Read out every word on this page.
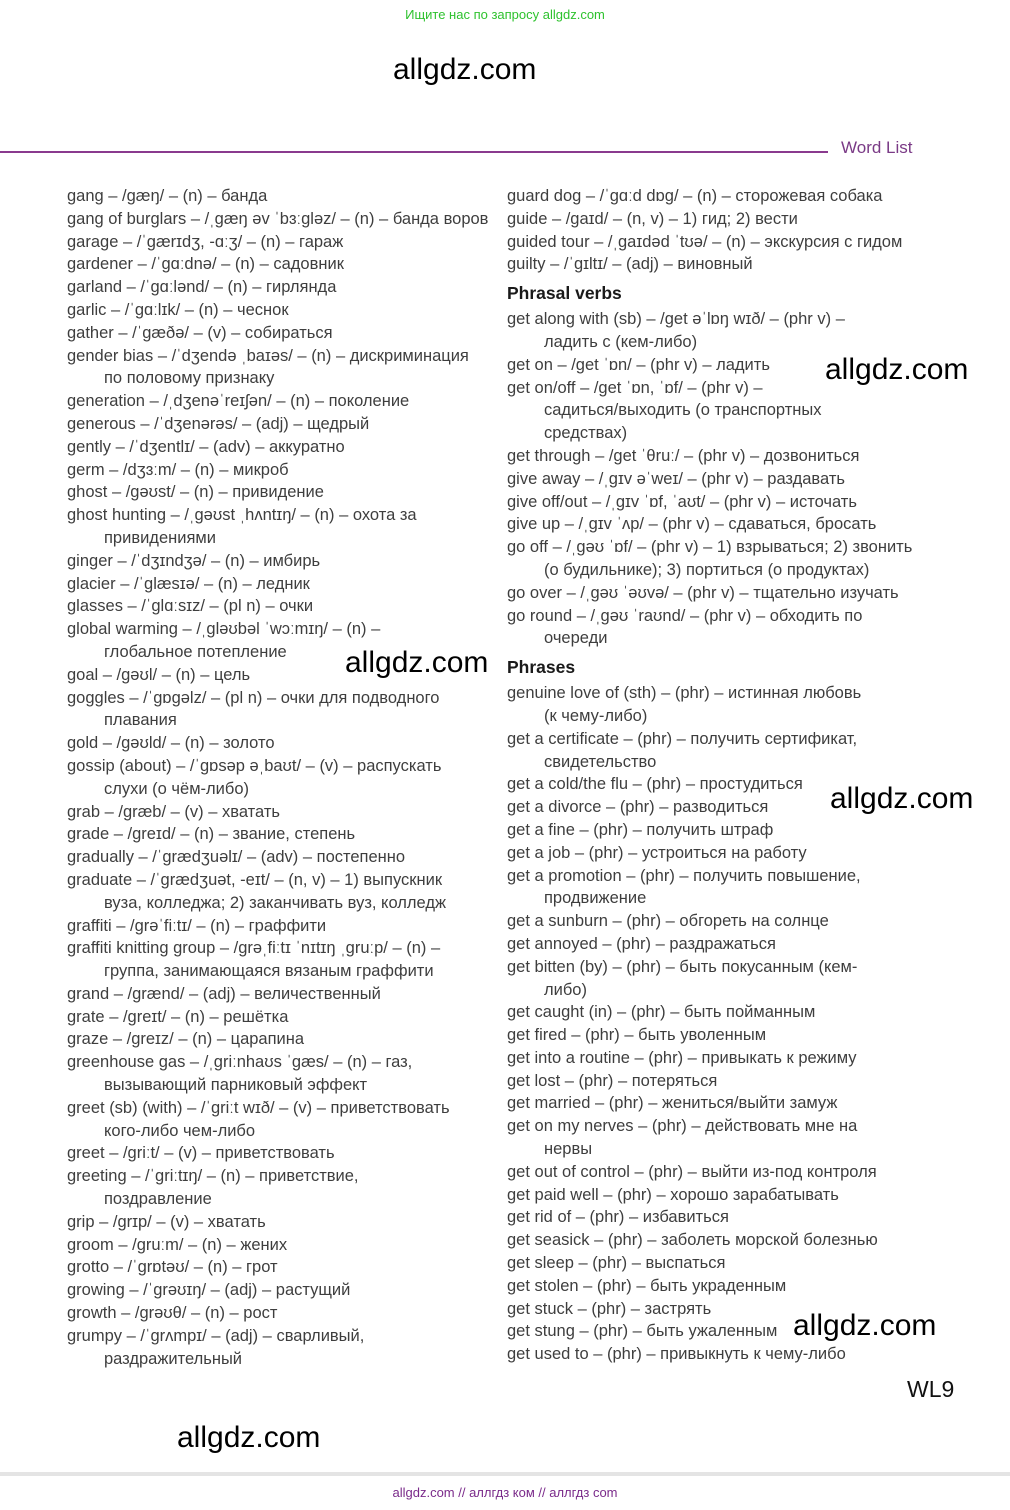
Ищите нас по запросу allgdz.com
allgdz.com
Word List
gang – /ɡæŋ/ – (n) – банда
gang of burglars – /ˌɡæŋ əv ˈbɜːɡləz/ – (n) – банда воров
garage – /ˈɡærɪdʒ, -ɑːʒ/ – (n) – гараж
gardener – /ˈɡɑːdnə/ – (n) – садовник
garland – /ˈɡɑːlənd/ – (n) – гирлянда
garlic – /ˈɡɑːlɪk/ – (n) – чеснок
gather – /ˈɡæðə/ – (v) – собираться
gender bias – /ˈdʒendə ˌbaɪəs/ – (n) – дискриминация
по половому признаку
generation – /ˌdʒenəˈreɪʃən/ – (n) – поколение
generous – /ˈdʒenərəs/ – (adj) – щедрый
gently – /ˈdʒentlɪ/ – (adv) – аккуратно
germ – /dʒɜːm/ – (n) – микроб
ghost – /ɡəʊst/ – (n) – привидение
ghost hunting – /ˌɡəʊst ˌhʌntɪŋ/ – (n) – охота за
привидениями
ginger – /ˈdʒɪndʒə/ – (n) – имбирь
glacier – /ˈɡlæsɪə/ – (n) – ледник
glasses – /ˈɡlɑːsɪz/ – (pl n) – очки
global warming – /ˌɡləʊbəl ˈwɔːmɪŋ/ – (n) –
глобальное потепление
goal – /ɡəʊl/ – (n) – цель
goggles – /ˈɡɒɡəlz/ – (pl n) – очки для подводного
плавания
gold – /ɡəʊld/ – (n) – золото
gossip (about) – /ˈɡɒsəp əˌbaʊt/ – (v) – распускать
слухи (о чём-либо)
grab – /ɡræb/ – (v) – хватать
grade – /ɡreɪd/ – (n) – звание, степень
gradually – /ˈɡrædʒuəlɪ/ – (adv) – постепенно
graduate – /ˈɡrædʒuət, -eɪt/ – (n, v) – 1) выпускник
вуза, колледжа; 2) заканчивать вуз, колледж
graffiti – /ɡrəˈfiːtɪ/ – (n) – граффити
graffiti knitting group – /ɡrəˌfiːtɪ ˈnɪtɪŋ ˌɡruːp/ – (n) –
группа, занимающаяся вязаным граффити
grand – /ɡrænd/ – (adj) – величественный
grate – /ɡreɪt/ – (n) – решётка
graze – /ɡreɪz/ – (n) – царапина
greenhouse gas – /ˌɡriːnhaʊs ˈɡæs/ – (n) – газ,
вызывающий парниковый эффект
greet (sb) (with) – /ˈɡriːt wɪð/ – (v) – приветствовать
кого-либо чем-либо
greet – /ɡriːt/ – (v) – приветствовать
greeting – /ˈɡriːtɪŋ/ – (n) – приветствие,
поздравление
grip – /ɡrɪp/ – (v) – хватать
groom – /ɡruːm/ – (n) – жених
grotto – /ˈɡrɒtəʊ/ – (n) – грот
growing – /ˈɡrəʊɪŋ/ – (adj) – растущий
growth – /ɡrəʊθ/ – (n) – рост
grumpy – /ˈɡrʌmpɪ/ – (adj) – сварливый,
раздражительный
guard dog – /ˈɡɑːd dɒɡ/ – (n) – сторожевая собака
guide – /ɡaɪd/ – (n, v) – 1) гид; 2) вести
guided tour – /ˌɡaɪdəd ˈtʊə/ – (n) – экскурсия с гидом
guilty – /ˈɡɪltɪ/ – (adj) – виновный
Phrasal verbs
get along with (sb) – /ɡet əˈlɒŋ wɪð/ – (phr v) –
ладить с (кем-либо)
get on – /ɡet ˈɒn/ – (phr v) – ладить
get on/off – /ɡet ˈɒn, ˈɒf/ – (phr v) –
садиться/выходить (о транспортных
средствах)
get through – /ɡet ˈθruː/ – (phr v) – дозвониться
give away – /ˌɡɪv əˈweɪ/ – (phr v) – раздавать
give off/out – /ˌɡɪv ˈɒf, ˈaʊt/ – (phr v) – источать
give up – /ˌɡɪv ˈʌp/ – (phr v) – сдаваться, бросать
go off – /ˌɡəʊ ˈɒf/ – (phr v) – 1) взрываться; 2) звонить
(о будильнике); 3) портиться (о продуктах)
go over – /ˌɡəʊ ˈəʊvə/ – (phr v) – тщательно изучать
go round – /ˌɡəʊ ˈraʊnd/ – (phr v) – обходить по
очереди
Phrases
genuine love of (sth) – (phr) – истинная любовь
(к чему-либо)
get a certificate – (phr) – получить сертификат,
свидетельство
get a cold/the flu – (phr) – простудиться
get a divorce – (phr) – разводиться
get a fine – (phr) – получить штраф
get a job – (phr) – устроиться на работу
get a promotion – (phr) – получить повышение,
продвижение
get a sunburn – (phr) – обгореть на солнце
get annoyed – (phr) – раздражаться
get bitten (by) – (phr) – быть покусанным (кем-
либо)
get caught (in) – (phr) – быть пойманным
get fired – (phr) – быть уволенным
get into a routine – (phr) – привыкать к режиму
get lost – (phr) – потеряться
get married – (phr) – жениться/выйти замуж
get on my nerves – (phr) – действовать мне на
нервы
get out of control – (phr) – выйти из-под контроля
get paid well – (phr) – хорошо зарабатывать
get rid of – (phr) – избавиться
get seasick – (phr) – заболеть морской болезнью
get sleep – (phr) – выспаться
get stolen – (phr) – быть украденным
get stuck – (phr) – застрять
get stung – (phr) – быть ужаленным
get used to – (phr) – привыкнуть к чему-либо
allgdz.com
allgdz.com
allgdz.com
allgdz.com
allgdz.com
WL9
allgdz.com // аллгдз ком // аллгдз com
